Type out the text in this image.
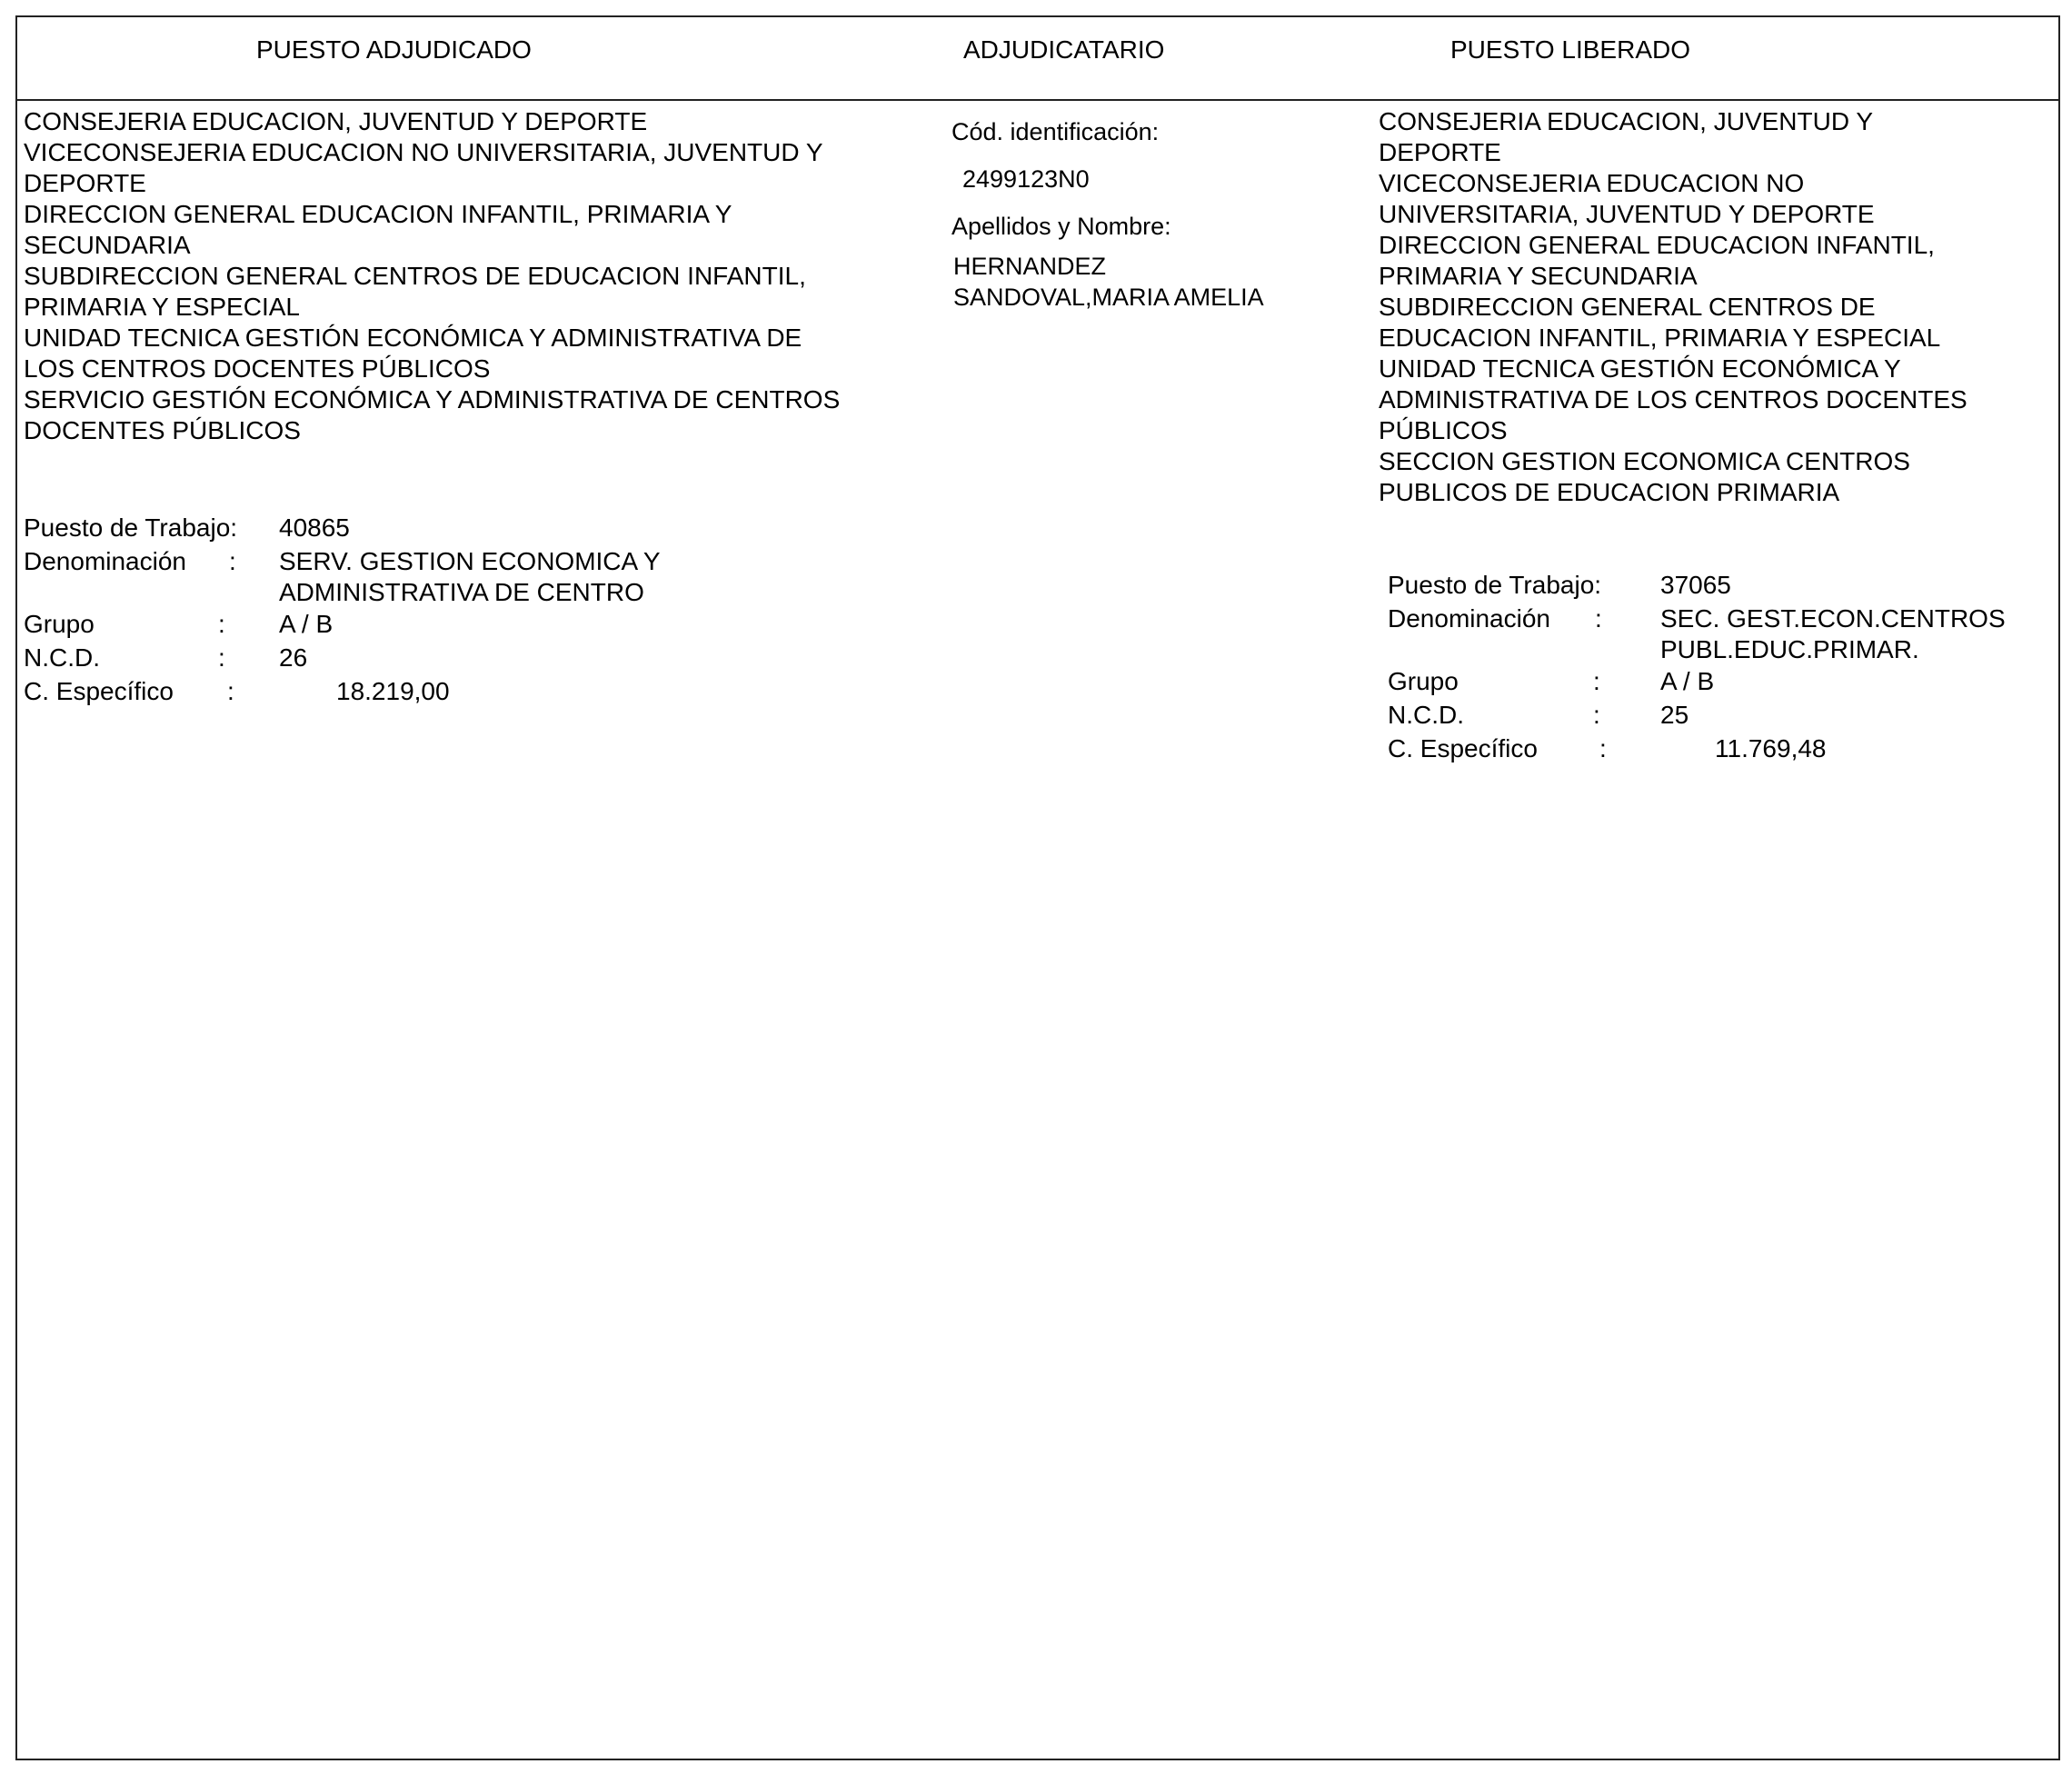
PUESTO ADJUDICADO	ADJUDICATARIO	PUESTO LIBERADO
CONSEJERIA EDUCACION, JUVENTUD Y DEPORTE
VICECONSEJERIA EDUCACION NO UNIVERSITARIA, JUVENTUD Y
DEPORTE
DIRECCION GENERAL EDUCACION INFANTIL, PRIMARIA Y
SECUNDARIA
SUBDIRECCION GENERAL CENTROS DE EDUCACION INFANTIL,
PRIMARIA Y ESPECIAL
UNIDAD TECNICA GESTIÓN ECONÓMICA Y ADMINISTRATIVA DE
LOS CENTROS DOCENTES PÚBLICOS
SERVICIO GESTIÓN ECONÓMICA Y ADMINISTRATIVA DE CENTROS
DOCENTES PÚBLICOS
Puesto de Trabajo: 40865
Denominación : SERV. GESTION ECONOMICA Y
ADMINISTRATIVA DE CENTRO
Grupo	: A / B
N.C.D.	: 26
C. Específico :	18.219,00
Cód. identificación:
2499123N0
Apellidos y Nombre:
HERNANDEZ
SANDOVAL,MARIA AMELIA
CONSEJERIA EDUCACION, JUVENTUD Y
DEPORTE
VICECONSEJERIA EDUCACION NO
UNIVERSITARIA, JUVENTUD Y DEPORTE
DIRECCION GENERAL EDUCACION INFANTIL,
PRIMARIA Y SECUNDARIA
SUBDIRECCION GENERAL CENTROS DE
EDUCACION INFANTIL, PRIMARIA Y ESPECIAL
UNIDAD TECNICA GESTIÓN ECONÓMICA Y
ADMINISTRATIVA DE LOS CENTROS DOCENTES
PÚBLICOS
SECCION GESTION ECONOMICA CENTROS
PUBLICOS DE EDUCACION PRIMARIA
Puesto de Trabajo: 37065
Denominación : SEC. GEST.ECON.CENTROS
PUBL.EDUC.PRIMAR.
Grupo	: A / B
N.C.D.	: 25
C. Específico :	11.769,48
